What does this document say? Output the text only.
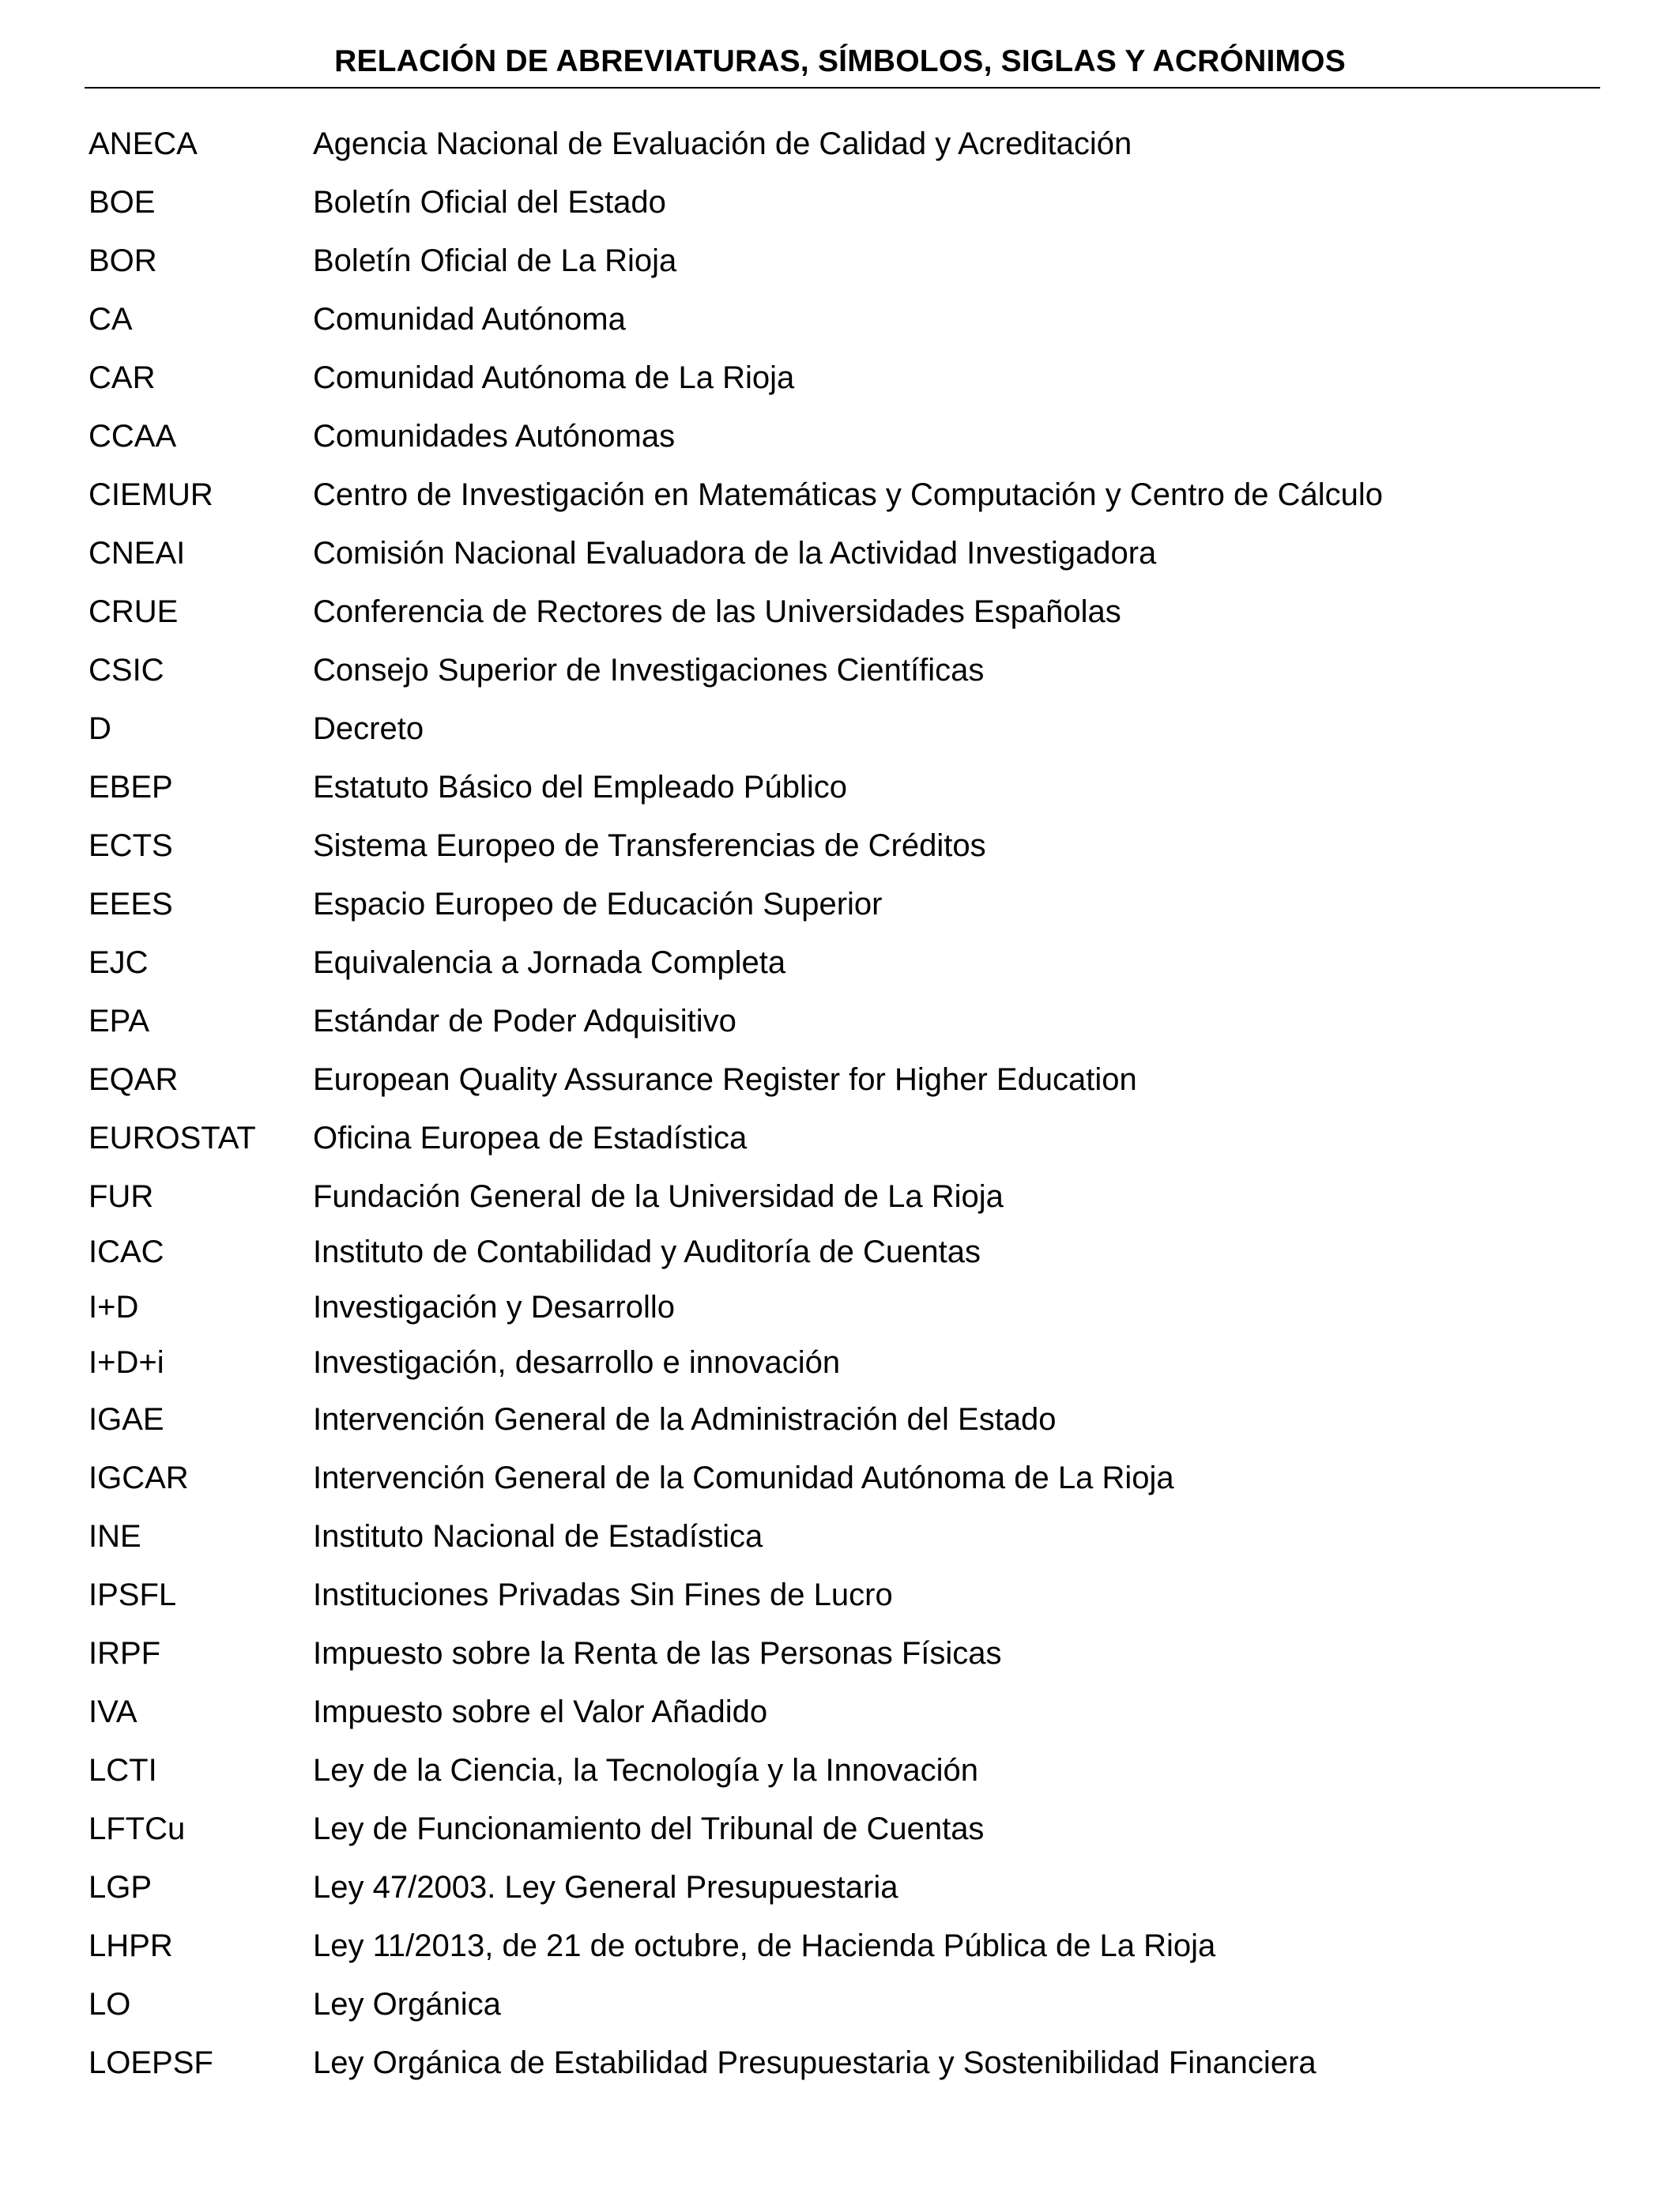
RELACIÓN DE ABREVIATURAS, SÍMBOLOS, SIGLAS Y ACRÓNIMOS
ANECA	Agencia Nacional de Evaluación de Calidad y Acreditación
BOE	Boletín Oficial del Estado
BOR	Boletín Oficial de La Rioja
CA	Comunidad Autónoma
CAR	Comunidad Autónoma de La Rioja
CCAA	Comunidades Autónomas
CIEMUR	Centro de Investigación en Matemáticas y Computación y Centro de Cálculo
CNEAI	Comisión Nacional Evaluadora de la Actividad Investigadora
CRUE	Conferencia de Rectores de las Universidades Españolas
CSIC	Consejo Superior de Investigaciones Científicas
D	Decreto
EBEP	Estatuto Básico del Empleado Público
ECTS	Sistema Europeo de Transferencias de Créditos
EEES	Espacio Europeo de Educación Superior
EJC	Equivalencia a Jornada Completa
EPA	Estándar de Poder Adquisitivo
EQAR	European Quality Assurance Register for Higher Education
EUROSTAT Oficina Europea de Estadística
FUR	Fundación General de la Universidad de La Rioja
ICAC	Instituto de Contabilidad y Auditoría de Cuentas
I+D	Investigación y Desarrollo
I+D+i	Investigación, desarrollo e innovación
IGAE	Intervención General de la Administración del Estado
IGCAR	Intervención General de la Comunidad Autónoma de La Rioja
INE	Instituto Nacional de Estadística
IPSFL	Instituciones Privadas Sin Fines de Lucro
IRPF	Impuesto sobre la Renta de las Personas Físicas
IVA	Impuesto sobre el Valor Añadido
LCTI	Ley de la Ciencia, la Tecnología y la Innovación
LFTCu	Ley de Funcionamiento del Tribunal de Cuentas
LGP	Ley 47/2003. Ley General Presupuestaria
LHPR	Ley 11/2013, de 21 de octubre, de Hacienda Pública de La Rioja
LO	Ley Orgánica
LOEPSF	Ley Orgánica de Estabilidad Presupuestaria y Sostenibilidad Financiera
